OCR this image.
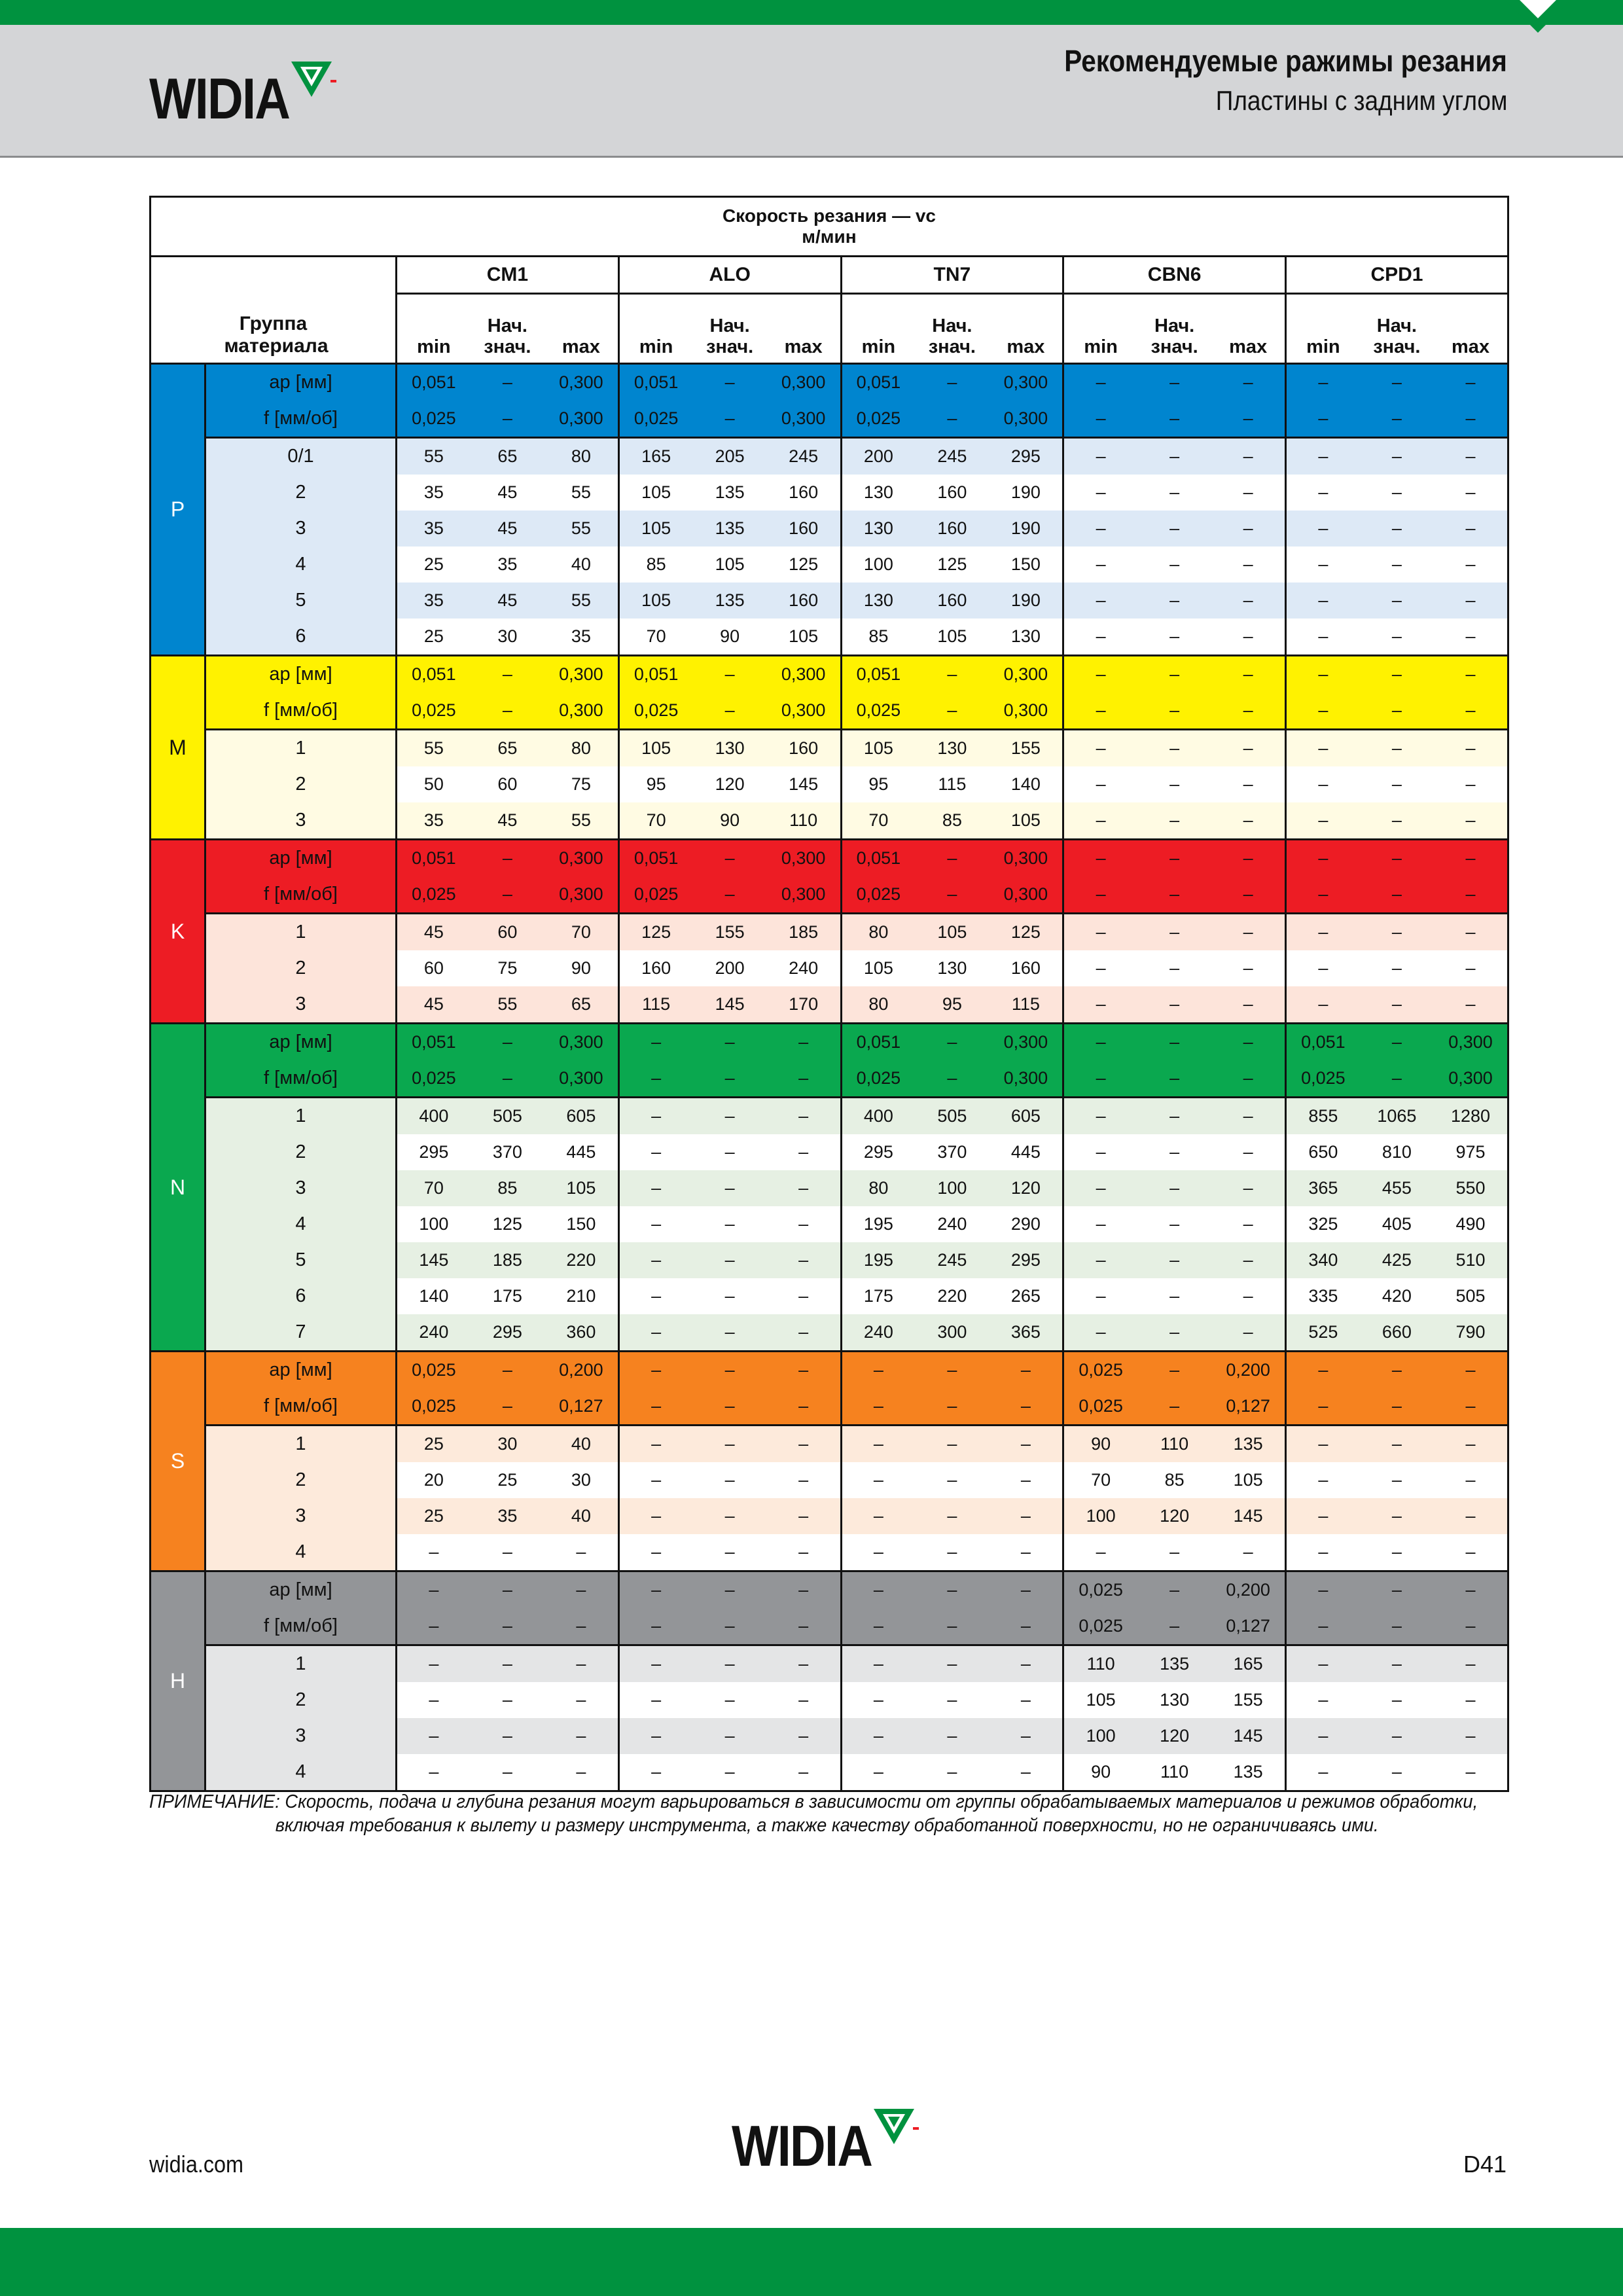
WIDIA
Рекомендуемые ражимы резания
Пластины с задним углом
Скорость резания — vc
м/мин																

Группа материала		CM1			ALO			TN7			CBN6			CPD1		
		min	Нач. знач.	max	min	Нач. знач.	max	min	Нач. знач.	max	min	Нач. знач.	max	min	Нач. знач.	max
P	ap [мм]	0,051	–	0,300	0,051	–	0,300	0,051	–	0,300	–	–	–	–	–	–
	f [мм/об]	0,025	–	0,300	0,025	–	0,300	0,025	–	0,300	–	–	–	–	–	–
	0/1	55	65	80	165	205	245	200	245	295	–	–	–	–	–	–
	2	35	45	55	105	135	160	130	160	190	–	–	–	–	–	–
	3	35	45	55	105	135	160	130	160	190	–	–	–	–	–	–
	4	25	35	40	85	105	125	100	125	150	–	–	–	–	–	–
	5	35	45	55	105	135	160	130	160	190	–	–	–	–	–	–
	6	25	30	35	70	90	105	85	105	130	–	–	–	–	–	–
M	ap [мм]	0,051	–	0,300	0,051	–	0,300	0,051	–	0,300	–	–	–	–	–	–
	f [мм/об]	0,025	–	0,300	0,025	–	0,300	0,025	–	0,300	–	–	–	–	–	–
	1	55	65	80	105	130	160	105	130	155	–	–	–	–	–	–
	2	50	60	75	95	120	145	95	115	140	–	–	–	–	–	–
	3	35	45	55	70	90	110	70	85	105	–	–	–	–	–	–
K	ap [мм]	0,051	–	0,300	0,051	–	0,300	0,051	–	0,300	–	–	–	–	–	–
	f [мм/об]	0,025	–	0,300	0,025	–	0,300	0,025	–	0,300	–	–	–	–	–	–
	1	45	60	70	125	155	185	80	105	125	–	–	–	–	–	–
	2	60	75	90	160	200	240	105	130	160	–	–	–	–	–	–
	3	45	55	65	115	145	170	80	95	115	–	–	–	–	–	–
N	ap [мм]	0,051	–	0,300	–	–	–	0,051	–	0,300	–	–	–	0,051	–	0,300
	f [мм/об]	0,025	–	0,300	–	–	–	0,025	–	0,300	–	–	–	0,025	–	0,300
	1	400	505	605	–	–	–	400	505	605	–	–	–	855	1065	1280
	2	295	370	445	–	–	–	295	370	445	–	–	–	650	810	975
	3	70	85	105	–	–	–	80	100	120	–	–	–	365	455	550
	4	100	125	150	–	–	–	195	240	290	–	–	–	325	405	490
	5	145	185	220	–	–	–	195	245	295	–	–	–	340	425	510
	6	140	175	210	–	–	–	175	220	265	–	–	–	335	420	505
	7	240	295	360	–	–	–	240	300	365	–	–	–	525	660	790
S	ap [мм]	0,025	–	0,200	–	–	–	–	–	–	0,025	–	0,200	–	–	–
	f [мм/об]	0,025	–	0,127	–	–	–	–	–	–	0,025	–	0,127	–	–	–
	1	25	30	40	–	–	–	–	–	–	90	110	135	–	–	–
	2	20	25	30	–	–	–	–	–	–	70	85	105	–	–	–
	3	25	35	40	–	–	–	–	–	–	100	120	145	–	–	–
	4	–	–	–	–	–	–	–	–	–	–	–	–	–	–	–
H	ap [мм]	–	–	–	–	–	–	–	–	–	0,025	–	0,200	–	–	–
	f [мм/об]	–	–	–	–	–	–	–	–	–	0,025	–	0,127	–	–	–
	1	–	–	–	–	–	–	–	–	–	110	135	165	–	–	–
	2	–	–	–	–	–	–	–	–	–	105	130	155	–	–	–
	3	–	–	–	–	–	–	–	–	–	100	120	145	–	–	–
	4	–	–	–	–	–	–	–	–	–	90	110	135	–	–	–
ПРИМЕЧАНИЕ: Скорость, подача и глубина резания могут варьироваться в зависимости от группы обрабатываемых материалов и режимов обработки,
включая требования к вылету и размеру инструмента, а также качеству обработанной поверхности, но не ограничиваясь ими.
WIDIA
widia.com	D41
